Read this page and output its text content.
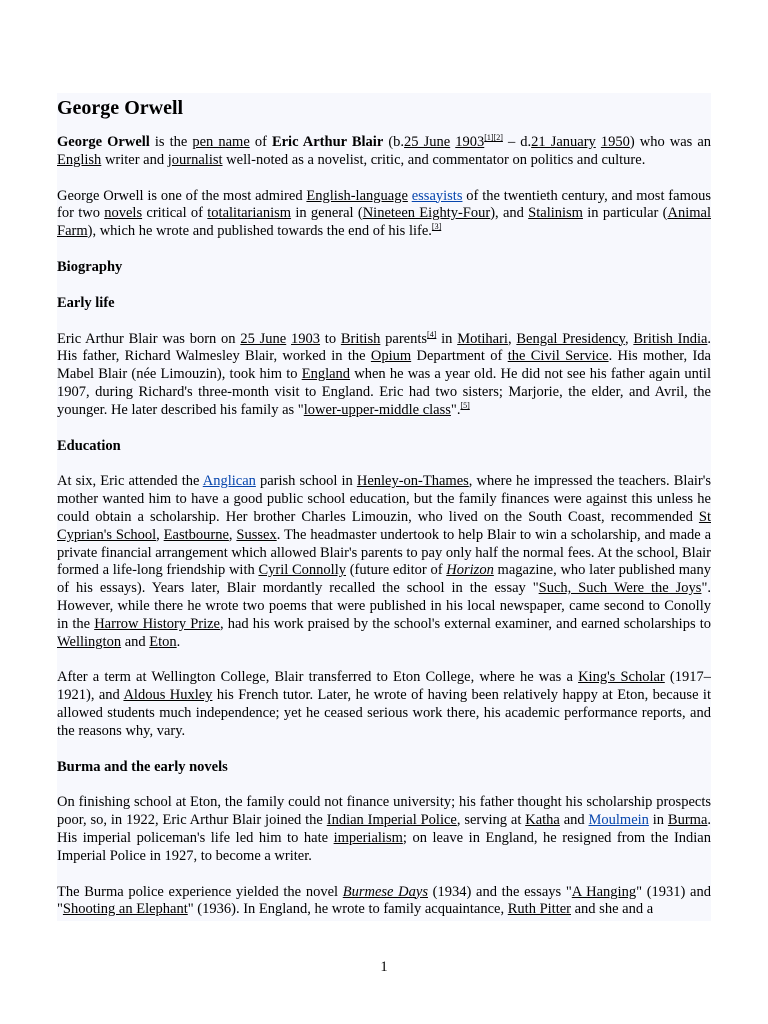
George Orwell

George Orwell is the pen name of Eric Arthur Blair (b.25 June 1903[1][2] – d.21 January 1950) who was an English writer and journalist well-noted as a novelist, critic, and commentator on politics and culture.

George Orwell is one of the most admired English-language essayists of the twentieth century, and most famous for two novels critical of totalitarianism in general (Nineteen Eighty-Four), and Stalinism in particular (Animal Farm), which he wrote and published towards the end of his life.[3]

Biography
Early life

Eric Arthur Blair was born on 25 June 1903 to British parents[4] in Motihari, Bengal Presidency, British India. His father, Richard Walmesley Blair, worked in the Opium Department of the Civil Service. His mother, Ida Mabel Blair (née Limouzin), took him to England when he was a year old. He did not see his father again until 1907, during Richard's three-month visit to England. Eric had two sisters; Marjorie, the elder, and Avril, the younger. He later described his family as "lower-upper-middle class".[5]

Education

At six, Eric attended the Anglican parish school in Henley-on-Thames, where he impressed the teachers. Blair's mother wanted him to have a good public school education, but the family finances were against this unless he could obtain a scholarship. Her brother Charles Limouzin, who lived on the South Coast, recommended St Cyprian's School, Eastbourne, Sussex. The headmaster undertook to help Blair to win a scholarship, and made a private financial arrangement which allowed Blair's parents to pay only half the normal fees. At the school, Blair formed a life-long friendship with Cyril Connolly (future editor of Horizon magazine, who later published many of his essays). Years later, Blair mordantly recalled the school in the essay "Such, Such Were the Joys". However, while there he wrote two poems that were published in his local newspaper, came second to Conolly in the Harrow History Prize, had his work praised by the school's external examiner, and earned scholarships to Wellington and Eton.

After a term at Wellington College, Blair transferred to Eton College, where he was a King's Scholar (1917–1921), and Aldous Huxley his French tutor. Later, he wrote of having been relatively happy at Eton, because it allowed students much independence; yet he ceased serious work there, his academic performance reports, and the reasons why, vary.

Burma and the early novels

On finishing school at Eton, the family could not finance university; his father thought his scholarship prospects poor, so, in 1922, Eric Arthur Blair joined the Indian Imperial Police, serving at Katha and Moulmein in Burma. His imperial policeman's life led him to hate imperialism; on leave in England, he resigned from the Indian Imperial Police in 1927, to become a writer.

The Burma police experience yielded the novel Burmese Days (1934) and the essays "A Hanging" (1931) and "Shooting an Elephant" (1936). In England, he wrote to family acquaintance, Ruth Pitter and she and a

1
